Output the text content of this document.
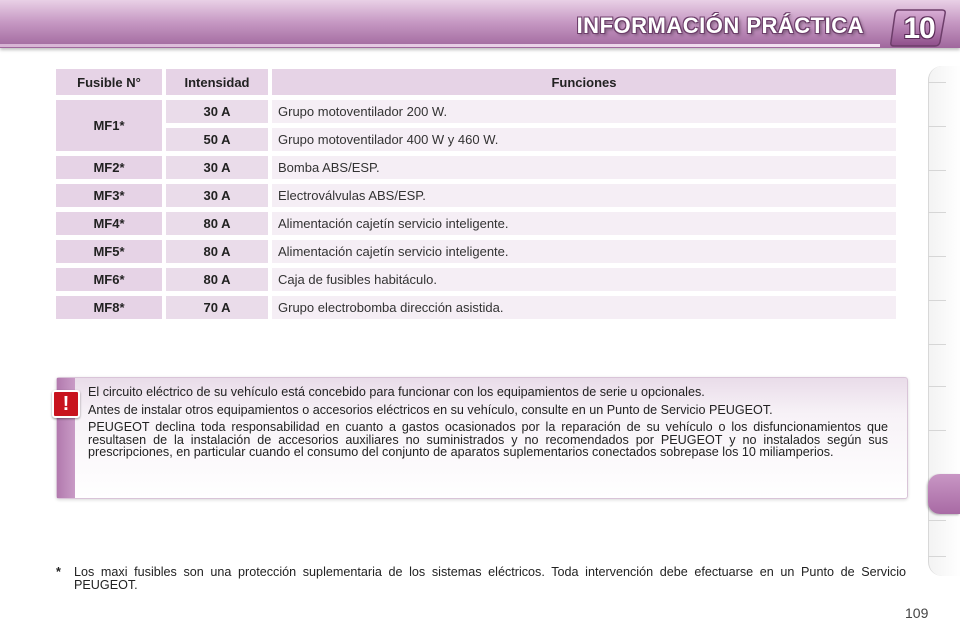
INFORMACIÓN PRÁCTICA	10
Fusible N°	Intensidad	Funciones
MF1*	30 A	Grupo motoventilador 200 W.
	50 A	Grupo motoventilador 400 W y 460 W.
MF2*	30 A	Bomba ABS/ESP.
MF3*	30 A	Electroválvulas ABS/ESP.
MF4*	80 A	Alimentación cajetín servicio inteligente.
MF5*	80 A	Alimentación cajetín servicio inteligente.
MF6*	80 A	Caja de fusibles habitáculo.
MF8*	70 A	Grupo electrobomba dirección asistida.
!

El circuito eléctrico de su vehículo está concebido para funcionar con los equipamientos de serie u opcionales.

Antes de instalar otros equipamientos o accesorios eléctricos en su vehículo, consulte en un Punto de Servicio PEUGEOT.

PEUGEOT declina toda responsabilidad en cuanto a gastos ocasionados por la reparación de su vehículo o los disfuncionamientos que resultasen de la instalación de accesorios auxiliares no suministrados y no recomendados por PEUGEOT y no instalados según sus prescripciones, en particular cuando el consumo del conjunto de aparatos suplementarios conectados sobrepase los 10 miliamperios.

* Los maxi fusibles son una protección suplementaria de los sistemas eléctricos. Toda intervención debe efectuarse en un Punto de Servicio PEUGEOT.
109
